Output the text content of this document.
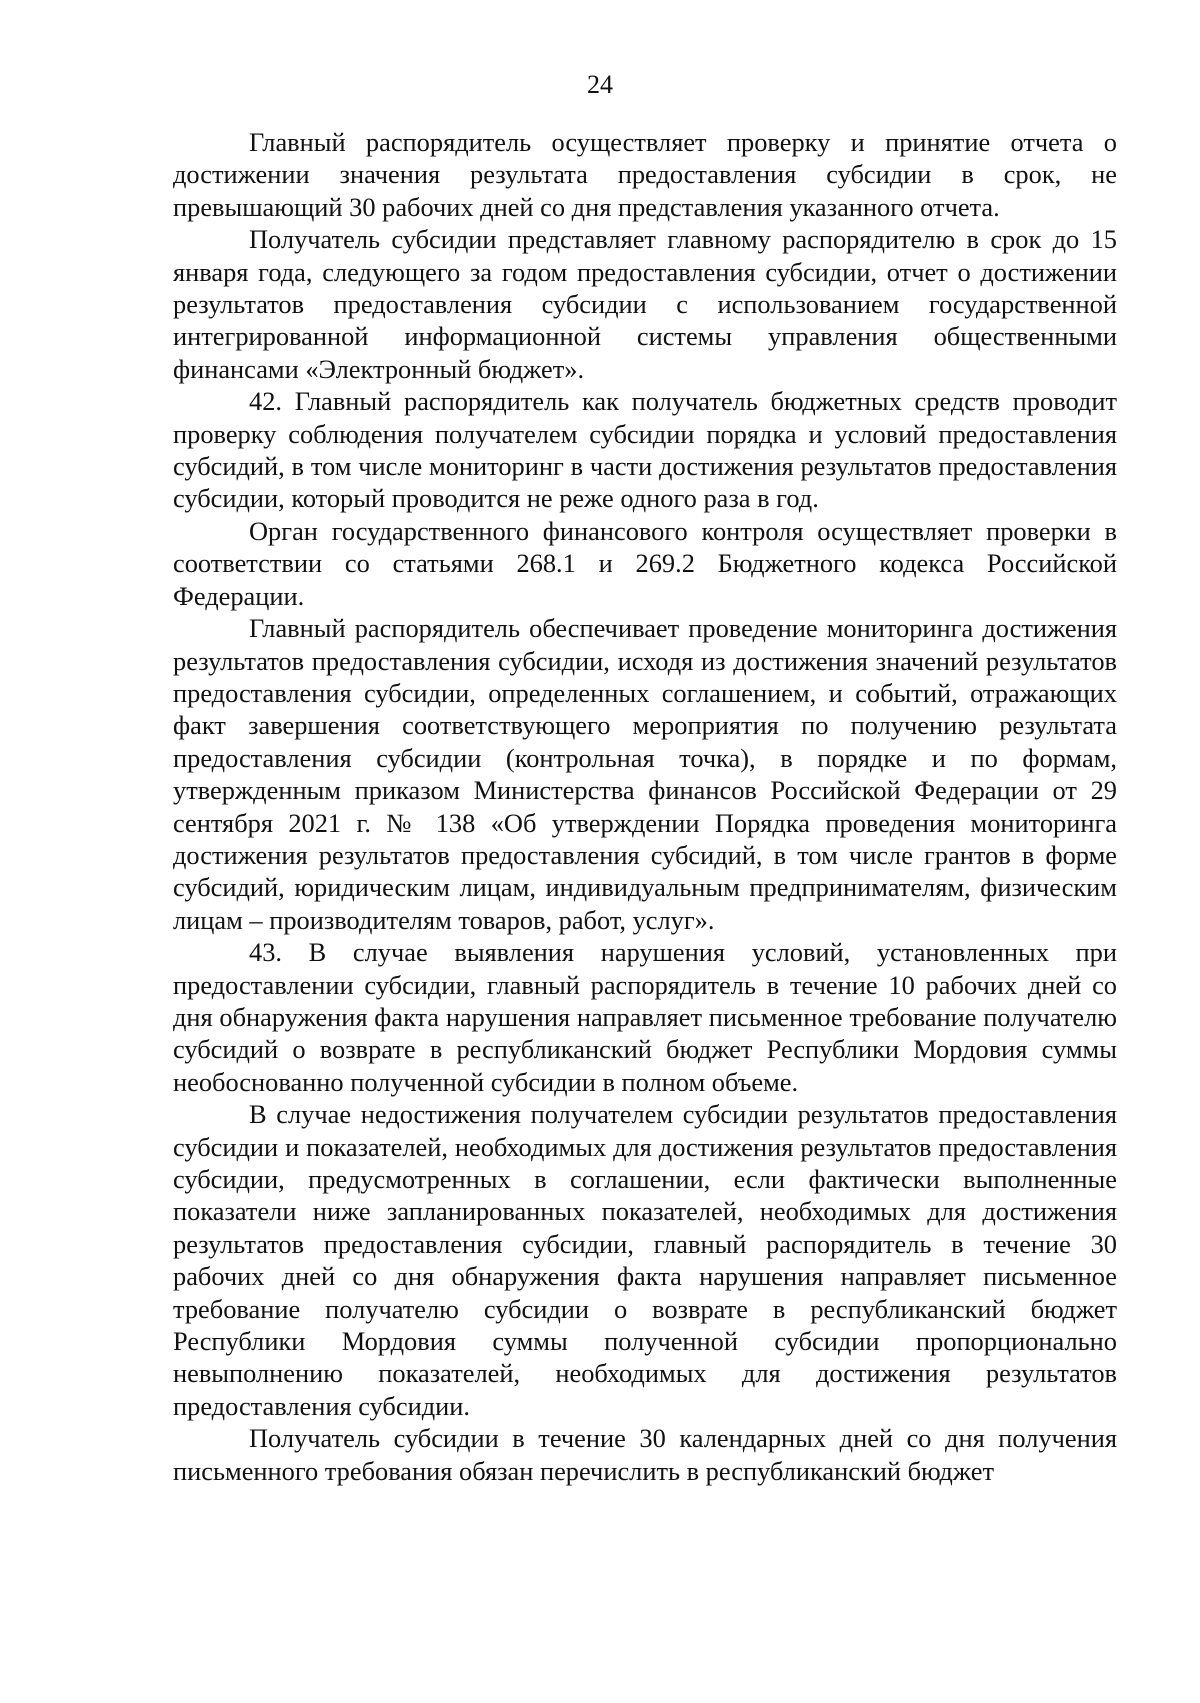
24

Главный распорядитель осуществляет проверку и принятие отчета о достижении значения результата предоставления субсидии в срок, не превышающий 30 рабочих дней со дня представления указанного отчета.

Получатель субсидии представляет главному распорядителю в срок до 15 января года, следующего за годом предоставления субсидии, отчет о достижении результатов предоставления субсидии с использованием государственной интегрированной информационной системы управления общественными финансами «Электронный бюджет».

42. Главный распорядитель как получатель бюджетных средств проводит проверку соблюдения получателем субсидии порядка и условий предоставления субсидий, в том числе мониторинг в части достижения результатов предоставления субсидии, который проводится не реже одного раза в год.

Орган государственного финансового контроля осуществляет проверки в соответствии со статьями 268.1 и 269.2 Бюджетного кодекса Российской Федерации.

Главный распорядитель обеспечивает проведение мониторинга достижения результатов предоставления субсидии, исходя из достижения значений результатов предоставления субсидии, определенных соглашением, и событий, отражающих факт завершения соответствующего мероприятия по получению результата предоставления субсидии (контрольная точка), в порядке и по формам, утвержденным приказом Министерства финансов Российской Федерации от 29 сентября 2021 г. № 138 «Об утверждении Порядка проведения мониторинга достижения результатов предоставления субсидий, в том числе грантов в форме субсидий, юридическим лицам, индивидуальным предпринимателям, физическим лицам – производителям товаров, работ, услуг».

43. В случае выявления нарушения условий, установленных при предоставлении субсидии, главный распорядитель в течение 10 рабочих дней со дня обнаружения факта нарушения направляет письменное требование получателю субсидий о возврате в республиканский бюджет Республики Мордовия суммы необоснованно полученной субсидии в полном объеме.

В случае недостижения получателем субсидии результатов предоставления субсидии и показателей, необходимых для достижения результатов предоставления субсидии, предусмотренных в соглашении, если фактически выполненные показатели ниже запланированных показателей, необходимых для достижения результатов предоставления субсидии, главный распорядитель в течение 30 рабочих дней со дня обнаружения факта нарушения направляет письменное требование получателю субсидии о возврате в республиканский бюджет Республики Мордовия суммы полученной субсидии пропорционально невыполнению показателей, необходимых для достижения результатов предоставления субсидии.

Получатель субсидии в течение 30 календарных дней со дня получения письменного требования обязан перечислить в республиканский бюджет
